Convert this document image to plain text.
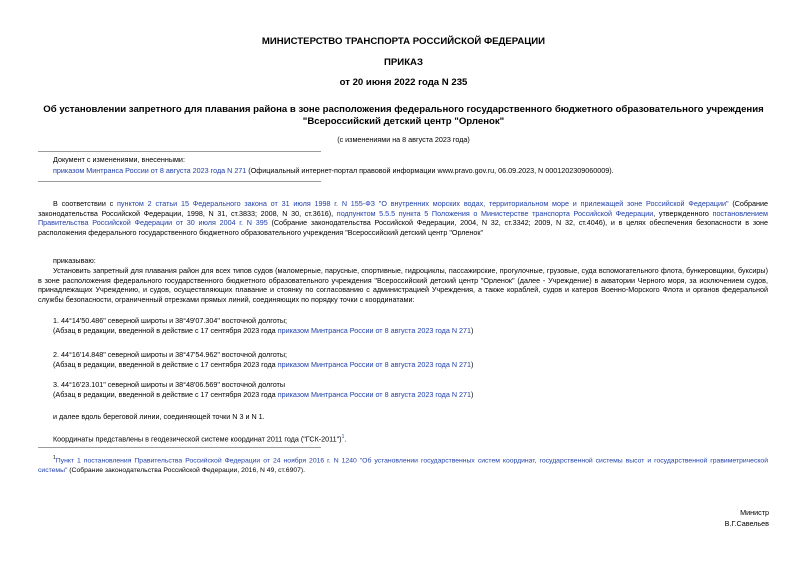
МИНИСТЕРСТВО ТРАНСПОРТА РОССИЙСКОЙ ФЕДЕРАЦИИ
ПРИКАЗ
от 20 июня 2022 года N 235
Об установлении запретного для плавания района в зоне расположения федерального государственного бюджетного образовательного учреждения
"Всероссийский детский центр "Орленок"
(с изменениями на 8 августа 2023 года)
Документ с изменениями, внесенными:
приказом Минтранса России от 8 августа 2023 года N 271 (Официальный интернет-портал правовой информации www.pravo.gov.ru, 06.09.2023, N 0001202309060009).
В соответствии с пунктом 2 статьи 15 Федерального закона от 31 июля 1998 г. N 155-ФЗ "О внутренних морских водах, территориальном море и прилежащей зоне Российской Федерации" (Собрание законодательства Российской Федерации, 1998, N 31, ст.3833; 2008, N 30, ст.3616), подпунктом 5.5.5 пункта 5 Положения о Министерстве транспорта Российской Федерации, утвержденного постановлением Правительства Российской Федерации от 30 июля 2004 г. N 395 (Собрание законодательства Российской Федерации, 2004, N 32, ст.3342; 2009, N 32, ст.4046), и в целях обеспечения безопасности в зоне расположения федерального государственного бюджетного образовательного учреждения "Всероссийский детский центр "Орленок"
приказываю:
Установить запретный для плавания район для всех типов судов (маломерные, парусные, спортивные, гидроциклы, пассажирские, прогулочные, грузовые, суда вспомогательного флота, бункеровщики, буксиры) в зоне расположения федерального государственного бюджетного образовательного учреждения "Всероссийский детский центр "Орленок" (далее - Учреждение) в акватории Черного моря, за исключением судов, принадлежащих Учреждению, и судов, осуществляющих плавание и стоянку по согласованию с администрацией Учреждения, а также кораблей, судов и катеров Военно-Морского Флота и органов федеральной службы безопасности, ограниченный отрезками прямых линий, соединяющих по порядку точки с координатами:
1. 44°14'50.486" северной широты и 38°49'07.304" восточной долготы;
(Абзац в редакции, введенной в действие с 17 сентября 2023 года приказом Минтранса России от 8 августа 2023 года N 271)
2. 44°16'14.848" северной широты и 38°47'54.962" восточной долготы;
(Абзац в редакции, введенной в действие с 17 сентября 2023 года приказом Минтранса России от 8 августа 2023 года N 271)
3. 44°16'23.101" северной широты и 38°48'06.569" восточной долготы
(Абзац в редакции, введенной в действие с 17 сентября 2023 года приказом Минтранса России от 8 августа 2023 года N 271)
и далее вдоль береговой линии, соединяющей точки N 3 и N 1.
Координаты представлены в геодезической системе координат 2011 года ("ГСК-2011")$^1$.
$^1$Пункт 1 постановления Правительства Российской Федерации от 24 ноября 2016 г. N 1240 "Об установлении государственных систем координат, государственной системы высот и государственной гравиметрической системы" (Собрание законодательства Российской Федерации, 2016, N 49, ст.6907).
Министр
В.Г.Савельев
